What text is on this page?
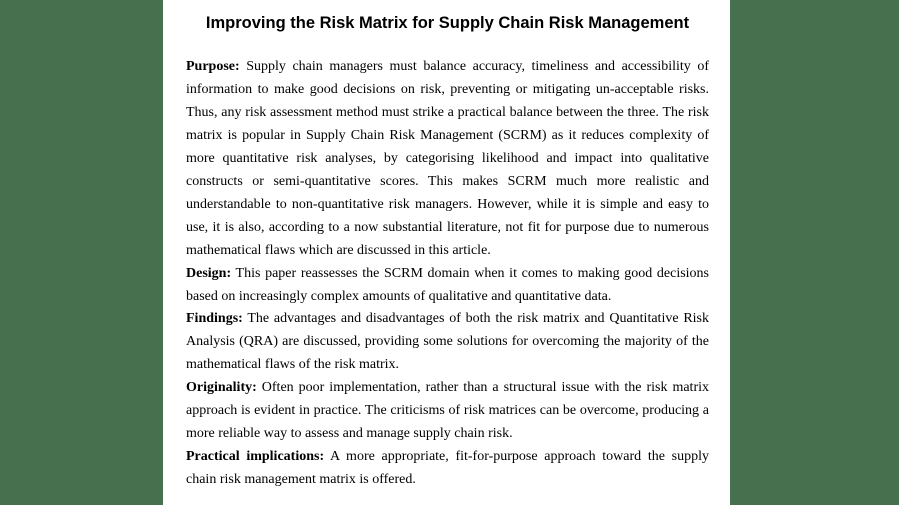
Improving the Risk Matrix for Supply Chain Risk Management

Purpose: Supply chain managers must balance accuracy, timeliness and accessibility of information to make good decisions on risk, preventing or mitigating un-acceptable risks. Thus, any risk assessment method must strike a practical balance between the three. The risk matrix is popular in Supply Chain Risk Management (SCRM) as it reduces complexity of more quantitative risk analyses, by categorising likelihood and impact into qualitative constructs or semi-quantitative scores. This makes SCRM much more realistic and understandable to non-quantitative risk managers. However, while it is simple and easy to use, it is also, according to a now substantial literature, not fit for purpose due to numerous mathematical flaws which are discussed in this article.

Design: This paper reassesses the SCRM domain when it comes to making good decisions based on increasingly complex amounts of qualitative and quantitative data.

Findings: The advantages and disadvantages of both the risk matrix and Quantitative Risk Analysis (QRA) are discussed, providing some solutions for overcoming the majority of the mathematical flaws of the risk matrix.

Originality: Often poor implementation, rather than a structural issue with the risk matrix approach is evident in practice. The criticisms of risk matrices can be overcome, producing a more reliable way to assess and manage supply chain risk.

Practical implications: A more appropriate, fit-for-purpose approach toward the supply chain risk management matrix is offered.
